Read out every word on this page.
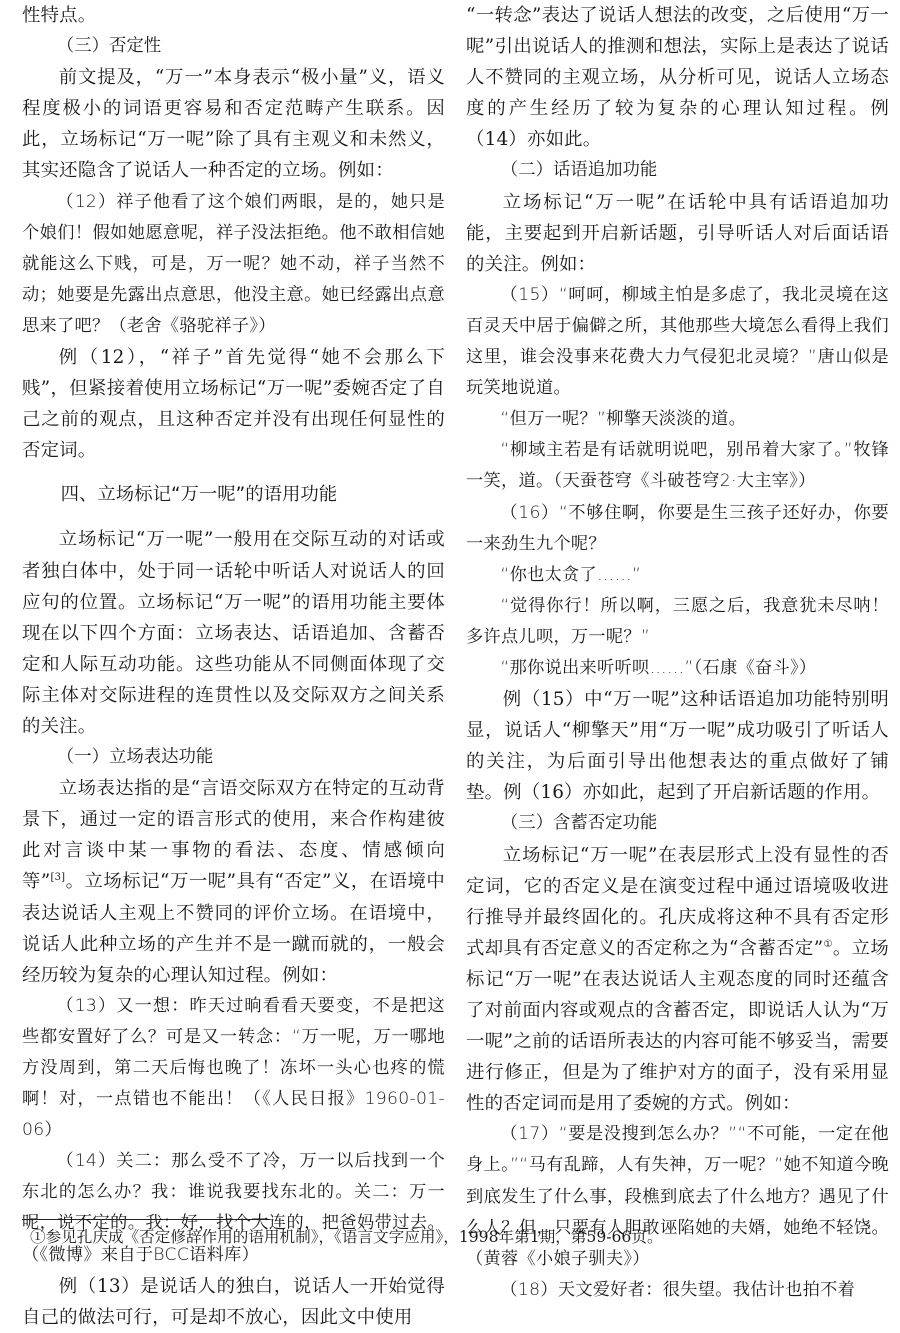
性特点。

（三）否定性

前文提及，“万一”本身表示“极小量”义，语义程度极小的词语更容易和否定范畴产生联系。因此，立场标记“万一呢”除了具有主观义和未然义，其实还隐含了说话人一种否定的立场。例如：

（12）祥子他看了这个娘们两眼，是的，她只是个娘们！假如她愿意呢，祥子没法拒绝。他不敢相信她就能这么下贱，可是，万一呢？她不动，祥子当然不动；她要是先露出点意思，他没主意。她已经露出点意思来了吧？（老舍《骆驼祥子》）

例（12），“祥子”首先觉得“她不会那么下贱”，但紧接着使用立场标记“万一呢”委婉否定了自己之前的观点，且这种否定并没有出现任何显性的否定词。

四、立场标记“万一呢”的语用功能

立场标记“万一呢”一般用在交际互动的对话或者独白体中，处于同一话轮中听话人对说话人的回应句的位置。立场标记“万一呢”的语用功能主要体现在以下四个方面：立场表达、话语追加、含蓄否定和人际互动功能。这些功能从不同侧面体现了交际主体对交际进程的连贯性以及交际双方之间关系的关注。

（一）立场表达功能

立场表达指的是“言语交际双方在特定的互动背景下，通过一定的语言形式的使用，来合作构建彼此对言谈中某一事物的看法、态度、情感倾向等”[3]。立场标记“万一呢”具有“否定”义，在语境中表达说话人主观上不赞同的评价立场。在语境中，说话人此种立场的产生并不是一蹴而就的，一般会经历较为复杂的心理认知过程。例如：

（13）又一想：昨天过晌看看天要变，不是把这些都安置好了么？可是又一转念：“万一呢，万一哪地方没周到，第二天后悔也晚了！冻坏一头心也疼的慌啊！对，一点错也不能出！（《人民日报》1960-01-06）

（14）关二：那么受不了冷，万一以后找到一个东北的怎么办？我：谁说我要找东北的。关二：万一呢，说不定的。我：好，找个大连的，把爸妈带过去。（《微博》来自于BCC语料库）

例（13）是说话人的独白，说话人一开始觉得自己的做法可行，可是却不放心，因此文中使用

“一转念”表达了说话人想法的改变，之后使用“万一呢”引出说话人的推测和想法，实际上是表达了说话人不赞同的主观立场，从分析可见，说话人立场态度的产生经历了较为复杂的心理认知过程。例（14）亦如此。

（二）话语追加功能

立场标记“万一呢”在话轮中具有话语追加功能，主要起到开启新话题，引导听话人对后面话语的关注。例如：

（15）“呵呵，柳域主怕是多虑了，我北灵境在这百灵天中居于偏僻之所，其他那些大境怎么看得上我们这里，谁会没事来花费大力气侵犯北灵境？”唐山似是玩笑地说道。

“但万一呢？”柳擎天淡淡的道。

“柳域主若是有话就明说吧，别吊着大家了。”牧锋一笑，道。（天蚕苍穹《斗破苍穹2·大主宰》）

（16）“不够住啊，你要是生三孩子还好办，你要一来劲生九个呢？

“你也太贪了……”

“觉得你行！所以啊，三愿之后，我意犹未尽呐！多许点儿呗，万一呢？”

“那你说出来听听呗……”（石康《奋斗》）

例（15）中“万一呢”这种话语追加功能特别明显，说话人“柳擎天”用“万一呢”成功吸引了听话人的关注，为后面引导出他想表达的重点做好了铺垫。例（16）亦如此，起到了开启新话题的作用。

（三）含蓄否定功能

立场标记“万一呢”在表层形式上没有显性的否定词，它的否定义是在演变过程中通过语境吸收进行推导并最终固化的。孔庆成将这种不具有否定形式却具有否定意义的否定称之为“含蓄否定”①。立场标记“万一呢”在表达说话人主观态度的同时还蕴含了对前面内容或观点的含蓄否定，即说话人认为“万一呢”之前的话语所表达的内容可能不够妥当，需要进行修正，但是为了维护对方的面子，没有采用显性的否定词而是用了委婉的方式。例如：

（17）“要是没搜到怎么办？”“不可能，一定在他身上。”“马有乱蹄，人有失神，万一呢？”她不知道今晚到底发生了什么事，段樵到底去了什么地方？遇见了什么人？但，只要有人胆敢诬陷她的夫婿，她绝不轻饶。（黄蓉《小娘子驯夫》）

（18）天文爱好者：很失望。我估计也拍不着

①参见孔庆成《否定修辞作用的语用机制》，《语言文字应用》，1998年第1期，第59-66页。
